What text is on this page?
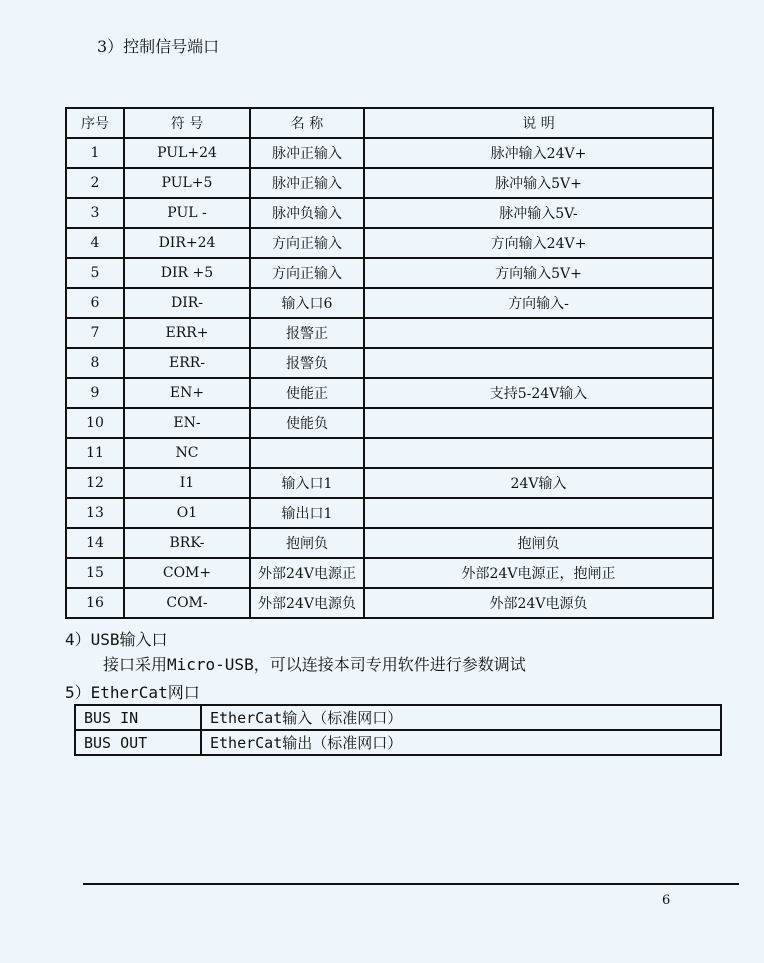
3）控制信号端口
序号	符 号	名 称	说 明
1	PUL+24	脉冲正输入	脉冲输入24V+
2	PUL+5	脉冲正输入	脉冲输入5V+
3	PUL -	脉冲负输入	脉冲输入5V-
4	DIR+24	方向正输入	方向输入24V+
5	DIR +5	方向正输入	方向输入5V+
6	DIR-	输入口6	方向输入-
7	ERR+	报警正	
8	ERR-	报警负	
9	EN+	使能正	支持5-24V输入
10	EN-	使能负	
11	NC		
12	I1	输入口1	24V输入
13	O1	输出口1	
14	BRK-	抱闸负	抱闸负
15	COM+	外部24V电源正	外部24V电源正，抱闸正
16	COM-	外部24V电源负	外部24V电源负
4）USB输入口
接口采用Micro-USB，可以连接本司专用软件进行参数调试
5）EtherCat网口
BUS IN	EtherCat输入（标准网口）
BUS OUT	EtherCat输出（标准网口）
6
